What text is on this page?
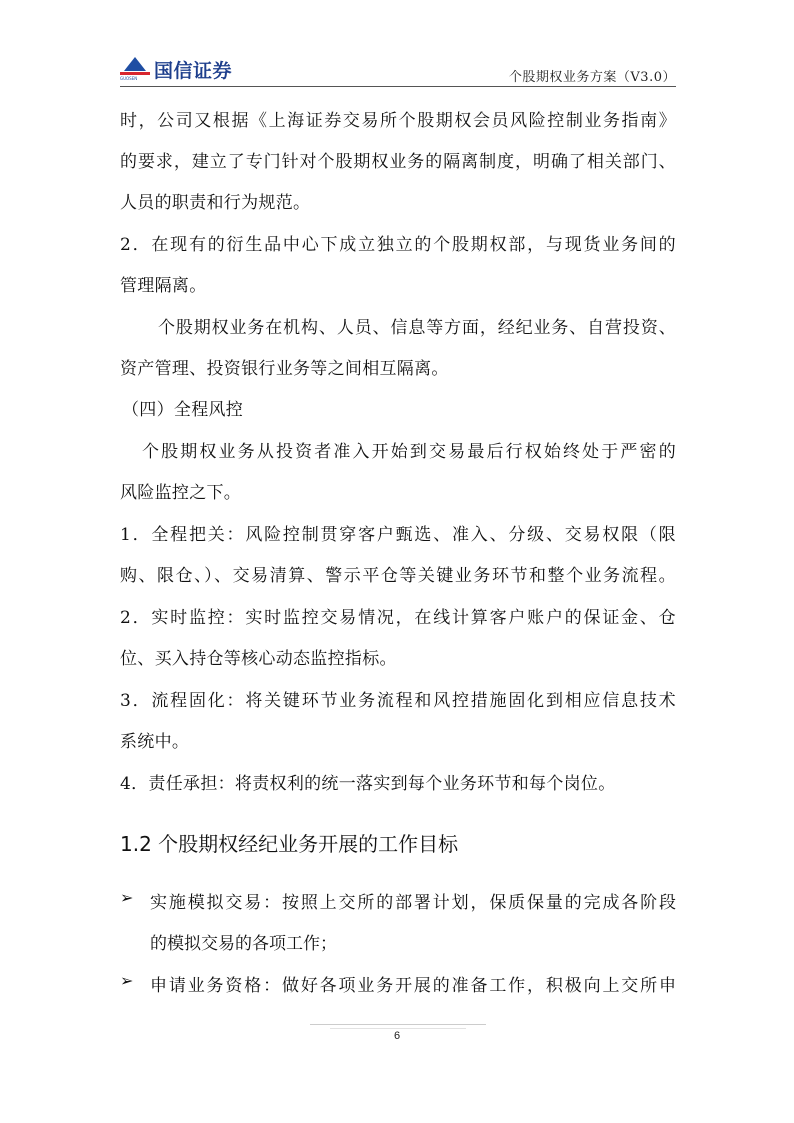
GUOSEN 国信证券	个股期权业务方案（V3.0）
时，公司又根据《上海证券交易所个股期权会员风险控制业务指南》
的要求，建立了专门针对个股期权业务的隔离制度，明确了相关部门、
人员的职责和行为规范。
2．在现有的衍生品中心下成立独立的个股期权部，与现货业务间的
管理隔离。
个股期权业务在机构、人员、信息等方面，经纪业务、自营投资、
资产管理、投资银行业务等之间相互隔离。
（四）全程风控
个股期权业务从投资者准入开始到交易最后行权始终处于严密的
风险监控之下。
1．全程把关：风险控制贯穿客户甄选、准入、分级、交易权限（限
购、限仓、）、交易清算、警示平仓等关键业务环节和整个业务流程。
2．实时监控：实时监控交易情况，在线计算客户账户的保证金、仓
位、买入持仓等核心动态监控指标。
3．流程固化：将关键环节业务流程和风控措施固化到相应信息技术
系统中。
4．责任承担：将责权利的统一落实到每个业务环节和每个岗位。
1.2 个股期权经纪业务开展的工作目标
➢ 实施模拟交易：按照上交所的部署计划，保质保量的完成各阶段
的模拟交易的各项工作；
➢ 申请业务资格：做好各项业务开展的准备工作，积极向上交所申
6
